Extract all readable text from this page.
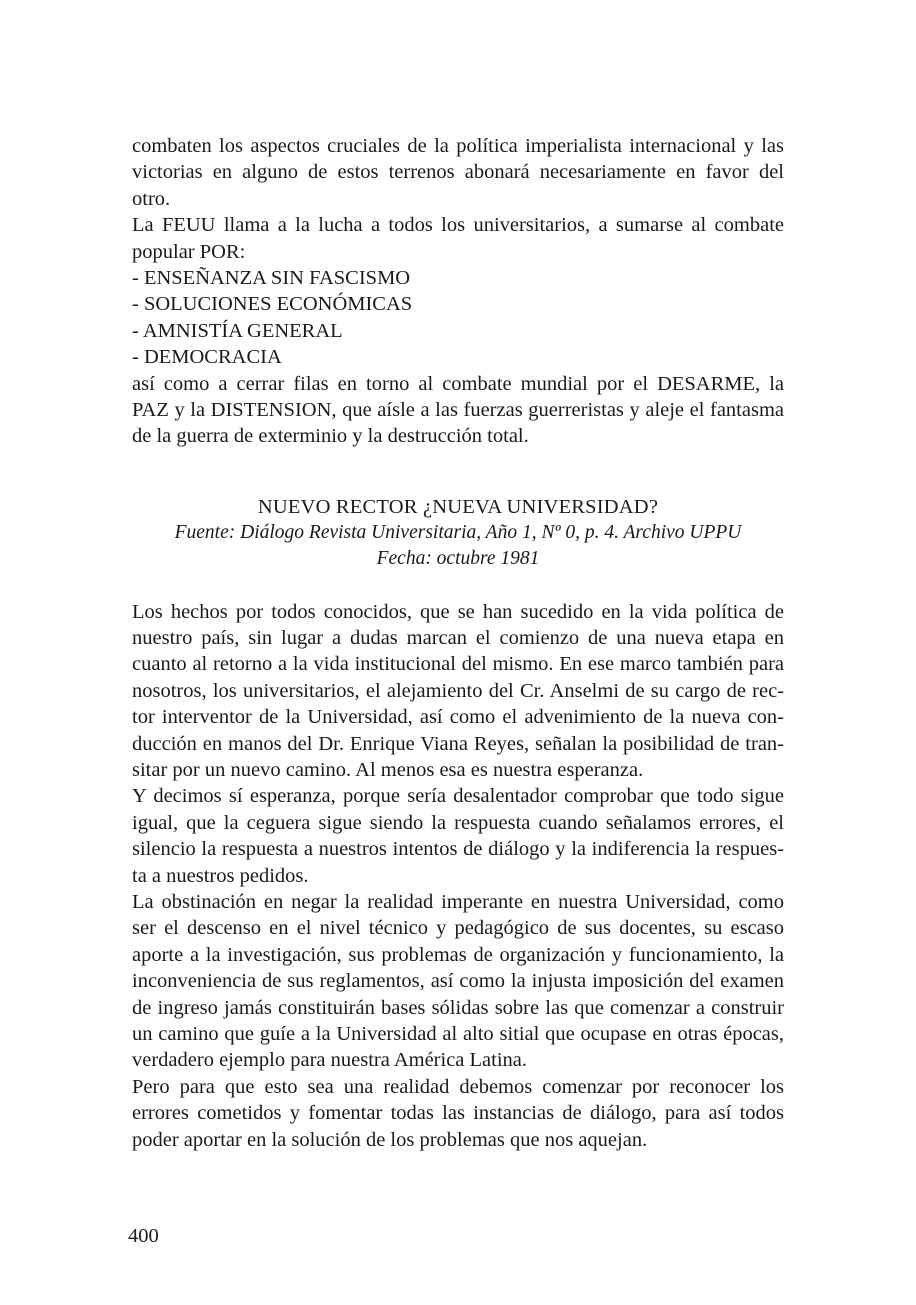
combaten los aspectos cruciales de la política imperialista internacional y las
victorias en alguno de estos terrenos abonará necesariamente en favor del
otro.
La FEUU llama a la lucha a todos los universitarios, a sumarse al combate
popular POR:
- ENSEÑANZA SIN FASCISMO
- SOLUCIONES ECONÓMICAS
- AMNISTÍA GENERAL
- DEMOCRACIA
así como a cerrar filas en torno al combate mundial por el DESARME, la
PAZ y la DISTENSION, que aísle a las fuerzas guerreristas y aleje el fantasma
de la guerra de exterminio y la destrucción total.
NUEVO RECTOR ¿NUEVA UNIVERSIDAD?
Fuente: Diálogo Revista Universitaria, Año 1, Nº 0, p. 4. Archivo UPPU
Fecha: octubre 1981
Los hechos por todos conocidos, que se han sucedido en la vida política de
nuestro país, sin lugar a dudas marcan el comienzo de una nueva etapa en
cuanto al retorno a la vida institucional del mismo. En ese marco también para
nosotros, los universitarios, el alejamiento del Cr. Anselmi de su cargo de rec-
tor interventor de la Universidad, así como el advenimiento de la nueva con-
ducción en manos del Dr. Enrique Viana Reyes, señalan la posibilidad de tran-
sitar por un nuevo camino. Al menos esa es nuestra esperanza.
Y decimos sí esperanza, porque sería desalentador comprobar que todo sigue
igual, que la ceguera sigue siendo la respuesta cuando señalamos errores, el
silencio la respuesta a nuestros intentos de diálogo y la indiferencia la respues-
ta a nuestros pedidos.
La obstinación en negar la realidad imperante en nuestra Universidad, como
ser el descenso en el nivel técnico y pedagógico de sus docentes, su escaso
aporte a la investigación, sus problemas de organización y funcionamiento, la
inconveniencia de sus reglamentos, así como la injusta imposición del examen
de ingreso jamás constituirán bases sólidas sobre las que comenzar a construir
un camino que guíe a la Universidad al alto sitial que ocupase en otras épocas,
verdadero ejemplo para nuestra América Latina.
Pero para que esto sea una realidad debemos comenzar por reconocer los
errores cometidos y fomentar todas las instancias de diálogo, para así todos
poder aportar en la solución de los problemas que nos aquejan.
400
